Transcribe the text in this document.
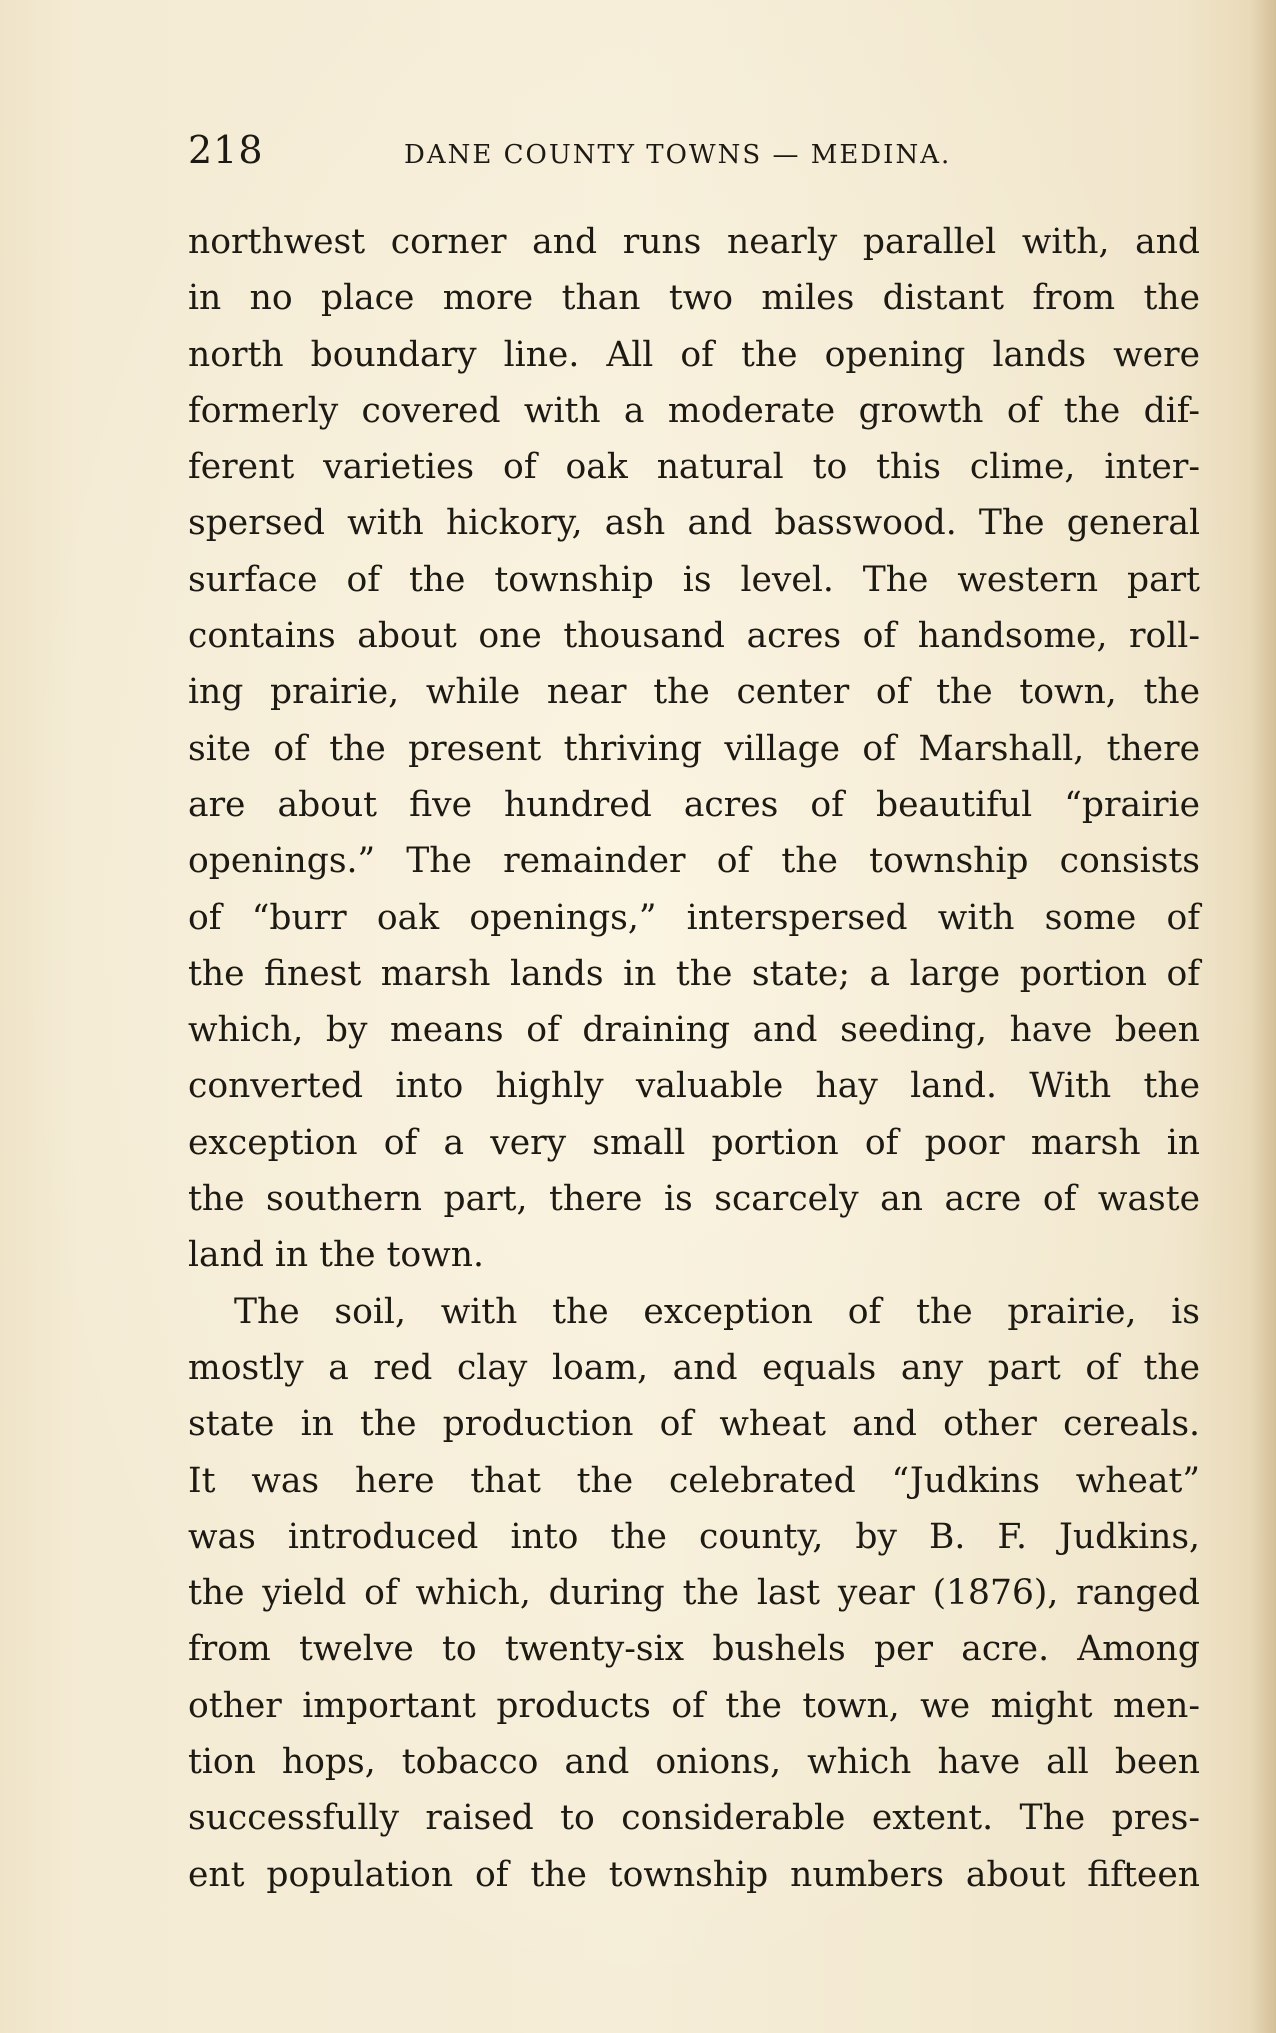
218	DANE COUNTY TOWNS — MEDINA.
northwest corner and runs nearly parallel with, and
in no place more than two miles distant from the
north boundary line. All of the opening lands were
formerly covered with a moderate growth of the dif-
ferent varieties of oak natural to this clime, inter-
spersed with hickory, ash and basswood. The general
surface of the township is level. The western part
contains about one thousand acres of handsome, roll-
ing prairie, while near the center of the town, the
site of the present thriving village of Marshall, there
are about five hundred acres of beautiful “prairie
openings.” The remainder of the township consists
of “burr oak openings,” interspersed with some of
the finest marsh lands in the state; a large portion of
which, by means of draining and seeding, have been
converted into highly valuable hay land. With the
exception of a very small portion of poor marsh in
the southern part, there is scarcely an acre of waste
land in the town.
The soil, with the exception of the prairie, is
mostly a red clay loam, and equals any part of the
state in the production of wheat and other cereals.
It was here that the celebrated “Judkins wheat”
was introduced into the county, by B. F. Judkins,
the yield of which, during the last year (1876), ranged
from twelve to twenty-six bushels per acre. Among
other important products of the town, we might men-
tion hops, tobacco and onions, which have all been
successfully raised to considerable extent. The pres-
ent population of the township numbers about fifteen
